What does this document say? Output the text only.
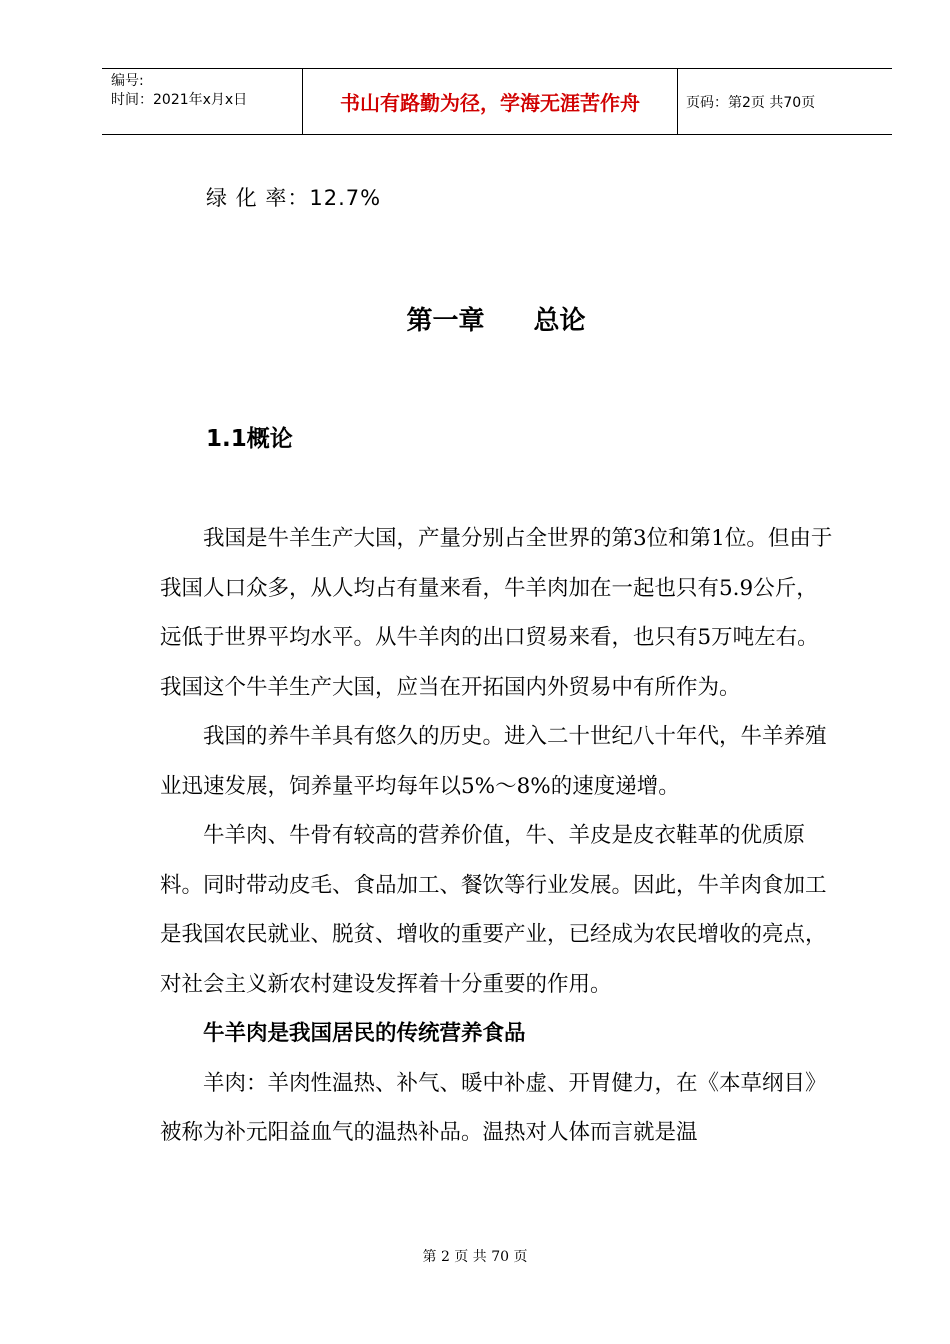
编号:
时间：2021年x月x日	书山有路勤为径，学海无涯苦作舟	页码：第2页 共70页
绿 化 率：12.7%
第一章 总论
1.1概论

我国是牛羊生产大国，产量分别占全世界的第3位和第1位。但由于我国人口众多，从人均占有量来看，牛羊肉加在一起也只有5.9公斤， 远低于世界平均水平。从牛羊肉的出口贸易来看，也只有5万吨左右。我国这个牛羊生产大国，应当在开拓国内外贸易中有所作为。

我国的养牛羊具有悠久的历史。进入二十世纪八十年代，牛羊养殖业迅速发展，饲养量平均每年以5%～8%的速度递增。

牛羊肉、牛骨有较高的营养价值，牛、羊皮是皮衣鞋革的优质原料。同时带动皮毛、食品加工、餐饮等行业发展。因此，牛羊肉食加工是我国农民就业、脱贫、增收的重要产业，已经成为农民增收的亮点，对社会主义新农村建设发挥着十分重要的作用。

牛羊肉是我国居民的传统营养食品

羊肉：羊肉性温热、补气、暖中补虚、开胃健力，在《本草纲目》被称为补元阳益血气的温热补品。温热对人体而言就是温

第 2 页 共 70 页
